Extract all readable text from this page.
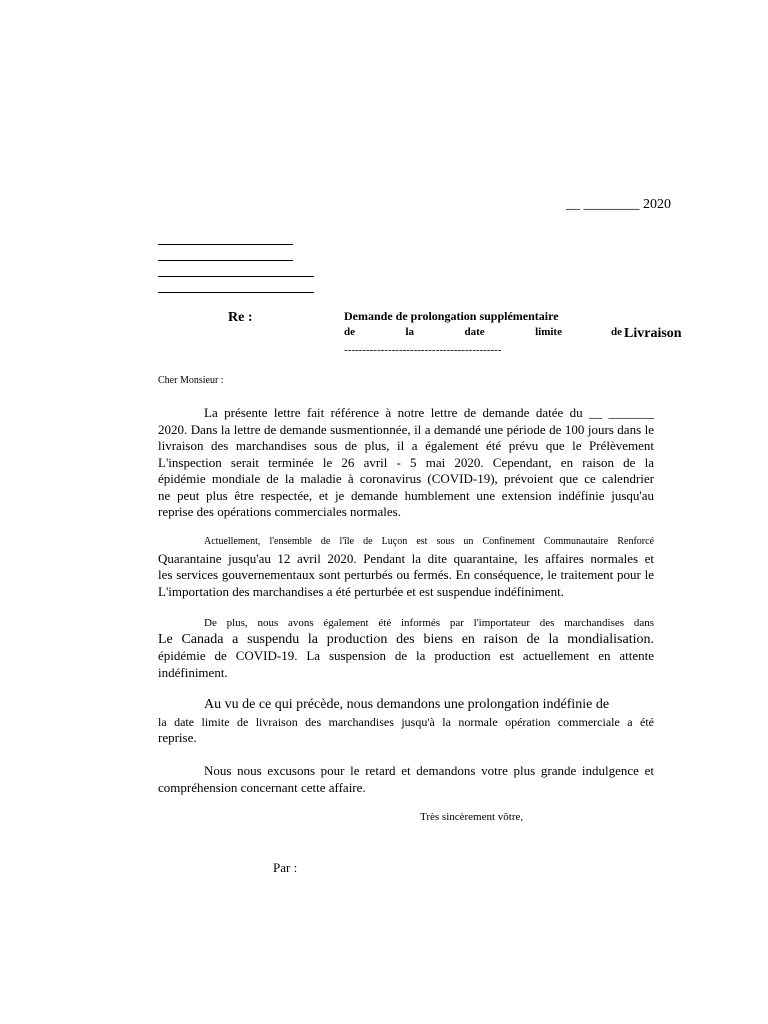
__ ________ 2020
Re :	Demande de prolongation supplémentaire
de	la	date	limite	de Livraison
-------------------------------------------
Cher Monsieur :
La présente lettre fait référence à notre lettre de demande datée du __ _______
2020. Dans la lettre de demande susmentionnée, il a demandé une période de 100 jours dans le
livraison des marchandises sous de plus, il a également été prévu que le Prélèvement
L'inspection serait terminée le 26 avril - 5 mai 2020. Cependant, en raison de la
épidémie mondiale de la maladie à coronavirus (COVID-19), prévoient que ce calendrier
ne peut plus être respectée, et je demande humblement une extension indéfinie jusqu'au
reprise des opérations commerciales normales.
Actuellement, l'ensemble de l'île de Luçon est sous un Confinement Communautaire Renforcé
Quarantaine jusqu'au 12 avril 2020. Pendant la dite quarantaine, les affaires normales et
les services gouvernementaux sont perturbés ou fermés. En conséquence, le traitement pour le
L'importation des marchandises a été perturbée et est suspendue indéfiniment.
De plus, nous avons également été informés par l'importateur des marchandises dans
Le Canada a suspendu la production des biens en raison de la mondialisation.
épidémie de COVID-19. La suspension de la production est actuellement en attente
indéfiniment.
Au vu de ce qui précède, nous demandons une prolongation indéfinie de
la date limite de livraison des marchandises jusqu'à la normale opération commerciale a été
reprise.
Nous nous excusons pour le retard et demandons votre plus grande indulgence et
compréhension concernant cette affaire.
Très sincèrement vôtre,
Par :
